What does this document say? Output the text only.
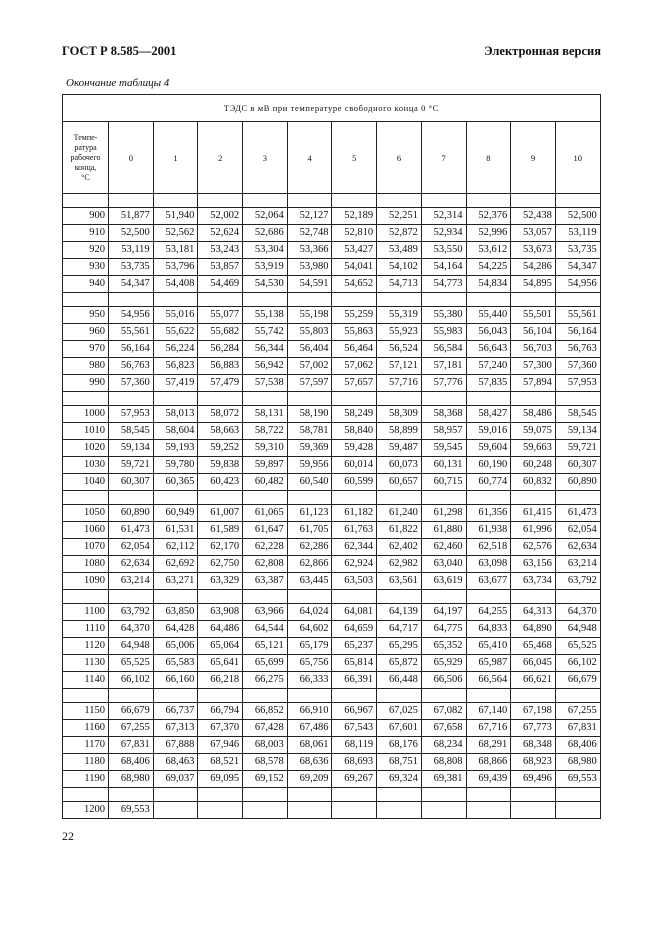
ГОСТ Р 8.585—2001	Электронная версия
Окончание таблицы 4
ТЭДС в мВ при температуре свободного конца 0 °С											

Темпе-
ратура
рабочего
конца,
°С	0	1	2	3	4	5	6	7	8	9	10

900	51,877	51,940	52,002	52,064	52,127	52,189	52,251	52,314	52,376	52,438	52,500
910	52,500	52,562	52,624	52,686	52,748	52,810	52,872	52,934	52,996	53,057	53,119
920	53,119	53,181	53,243	53,304	53,366	53,427	53,489	53,550	53,612	53,673	53,735
930	53,735	53,796	53,857	53,919	53,980	54,041	54,102	54,164	54,225	54,286	54,347
940	54,347	54,408	54,469	54,530	54,591	54,652	54,713	54,773	54,834	54,895	54,956

950	54,956	55,016	55,077	55,138	55,198	55,259	55,319	55,380	55,440	55,501	55,561
960	55,561	55,622	55,682	55,742	55,803	55,863	55,923	55,983	56,043	56,104	56,164
970	56,164	56,224	56,284	56,344	56,404	56,464	56,524	56,584	56,643	56,703	56,763
980	56,763	56,823	56,883	56,942	57,002	57,062	57,121	57,181	57,240	57,300	57,360
990	57,360	57,419	57,479	57,538	57,597	57,657	57,716	57,776	57,835	57,894	57,953

1000	57,953	58,013	58,072	58,131	58,190	58,249	58,309	58,368	58,427	58,486	58,545
1010	58,545	58,604	58,663	58,722	58,781	58,840	58,899	58,957	59,016	59,075	59,134
1020	59,134	59,193	59,252	59,310	59,369	59,428	59,487	59,545	59,604	59,663	59,721
1030	59,721	59,780	59,838	59,897	59,956	60,014	60,073	60,131	60,190	60,248	60,307
1040	60,307	60,365	60,423	60,482	60,540	60,599	60,657	60,715	60,774	60,832	60,890

1050	60,890	60,949	61,007	61,065	61,123	61,182	61,240	61,298	61,356	61,415	61,473
1060	61,473	61,531	61,589	61,647	61,705	61,763	61,822	61,880	61,938	61,996	62,054
1070	62,054	62,112	62,170	62,228	62,286	62,344	62,402	62,460	62,518	62,576	62,634
1080	62,634	62,692	62,750	62,808	62,866	62,924	62,982	63,040	63,098	63,156	63,214
1090	63,214	63,271	63,329	63,387	63,445	63,503	63,561	63,619	63,677	63,734	63,792

1100	63,792	63,850	63,908	63,966	64,024	64,081	64,139	64,197	64,255	64,313	64,370
1110	64,370	64,428	64,486	64,544	64,602	64,659	64,717	64,775	64,833	64,890	64,948
1120	64,948	65,006	65,064	65,121	65,179	65,237	65,295	65,352	65,410	65,468	65,525
1130	65,525	65,583	65,641	65,699	65,756	65,814	65,872	65,929	65,987	66,045	66,102
1140	66,102	66,160	66,218	66,275	66,333	66,391	66,448	66,506	66,564	66,621	66,679

1150	66,679	66,737	66,794	66,852	66,910	66,967	67,025	67,082	67,140	67,198	67,255
1160	67,255	67,313	67,370	67,428	67,486	67,543	67,601	67,658	67,716	67,773	67,831
1170	67,831	67,888	67,946	68,003	68,061	68,119	68,176	68,234	68,291	68,348	68,406
1180	68,406	68,463	68,521	68,578	68,636	68,693	68,751	68,808	68,866	68,923	68,980
1190	68,980	69,037	69,095	69,152	69,209	69,267	69,324	69,381	69,439	69,496	69,553

1200	69,553										
22
